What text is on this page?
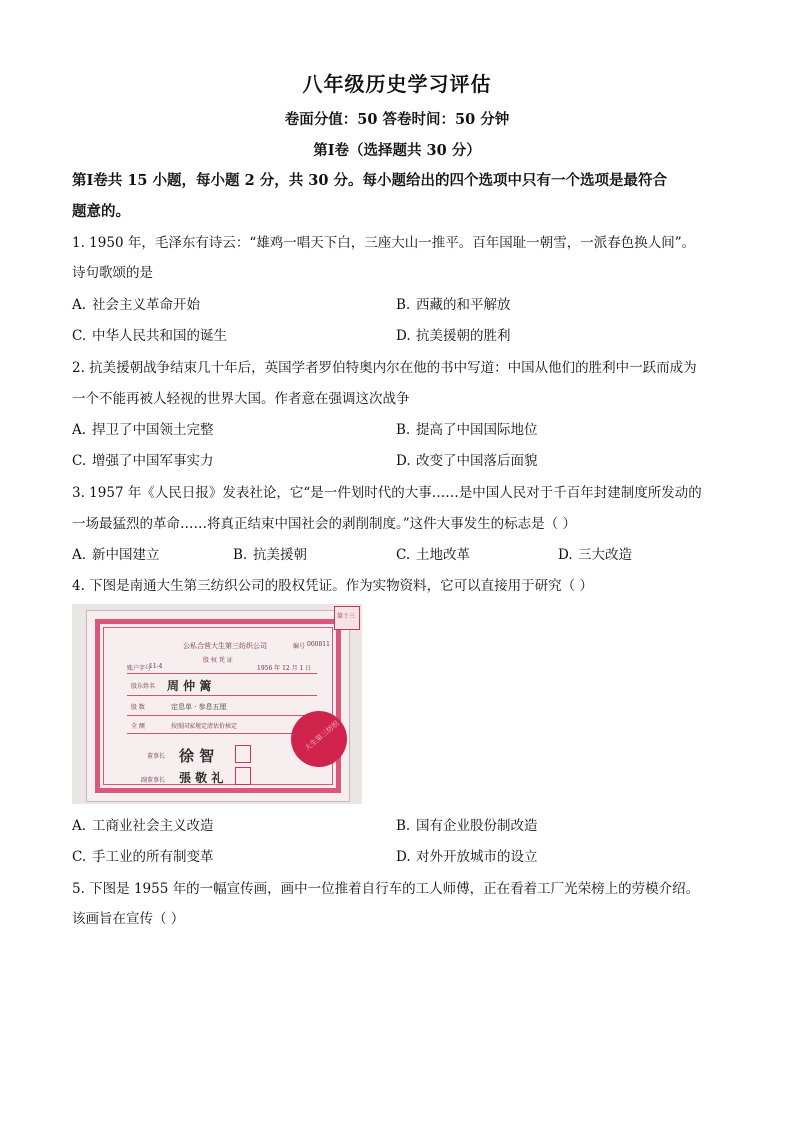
八年级历史学习评估
卷面分值：50 答卷时间：50 分钟
第Ⅰ卷（选择题共 30 分）
第Ⅰ卷共 15 小题，每小题 2 分，共 30 分。每小题给出的四个选项中只有一个选项是最符合
题意的。
1. 1950 年，毛泽东有诗云：“雄鸡一唱天下白，三座大山一推平。百年国耻一朝雪，一派春色换人间”。
诗句歌颂的是
A. 社会主义革命开始	B. 西藏的和平解放
C. 中华人民共和国的诞生	D. 抗美援朝的胜利
2. 抗美援朝战争结束几十年后，英国学者罗伯特奥内尔在他的书中写道：中国从他们的胜利中一跃而成为
一个不能再被人轻视的世界大国。作者意在强调这次战争
A. 捍卫了中国领土完整	B. 提高了中国国际地位
C. 增强了中国军事实力	D. 改变了中国落后面貌
3. 1957 年《人民日报》发表社论，它“是一件划时代的大事……是中国人民对于千百年封建制度所发动的
一场最猛烈的革命……将真正结束中国社会的剥削制度。”这件大事发生的标志是（ ）
A. 新中国建立	B. 抗美援朝	C. 土地改革	D. 三大改造
4. 下图是南通大生第三纺织公司的股权凭证。作为实物资料，它可以直接用于研究（ ）
公私合营大生第三纺织公司
股 权 凭 证
编号 000811
账户字号
11-4	1956 年 12 月 1 日
股东姓名 周 仲 篱
股 数	定息单 · 参息五厘
全 额	按照国家规定清估价核定
董事长 徐 智
副董事长 張 敬 礼
大生第三纺织
第十三
A. 工商业社会主义改造	B. 国有企业股份制改造
C. 手工业的所有制变革	D. 对外开放城市的设立
5. 下图是 1955 年的一幅宣传画，画中一位推着自行车的工人师傅，正在看着工厂光荣榜上的劳模介绍。
该画旨在宣传（ ）
